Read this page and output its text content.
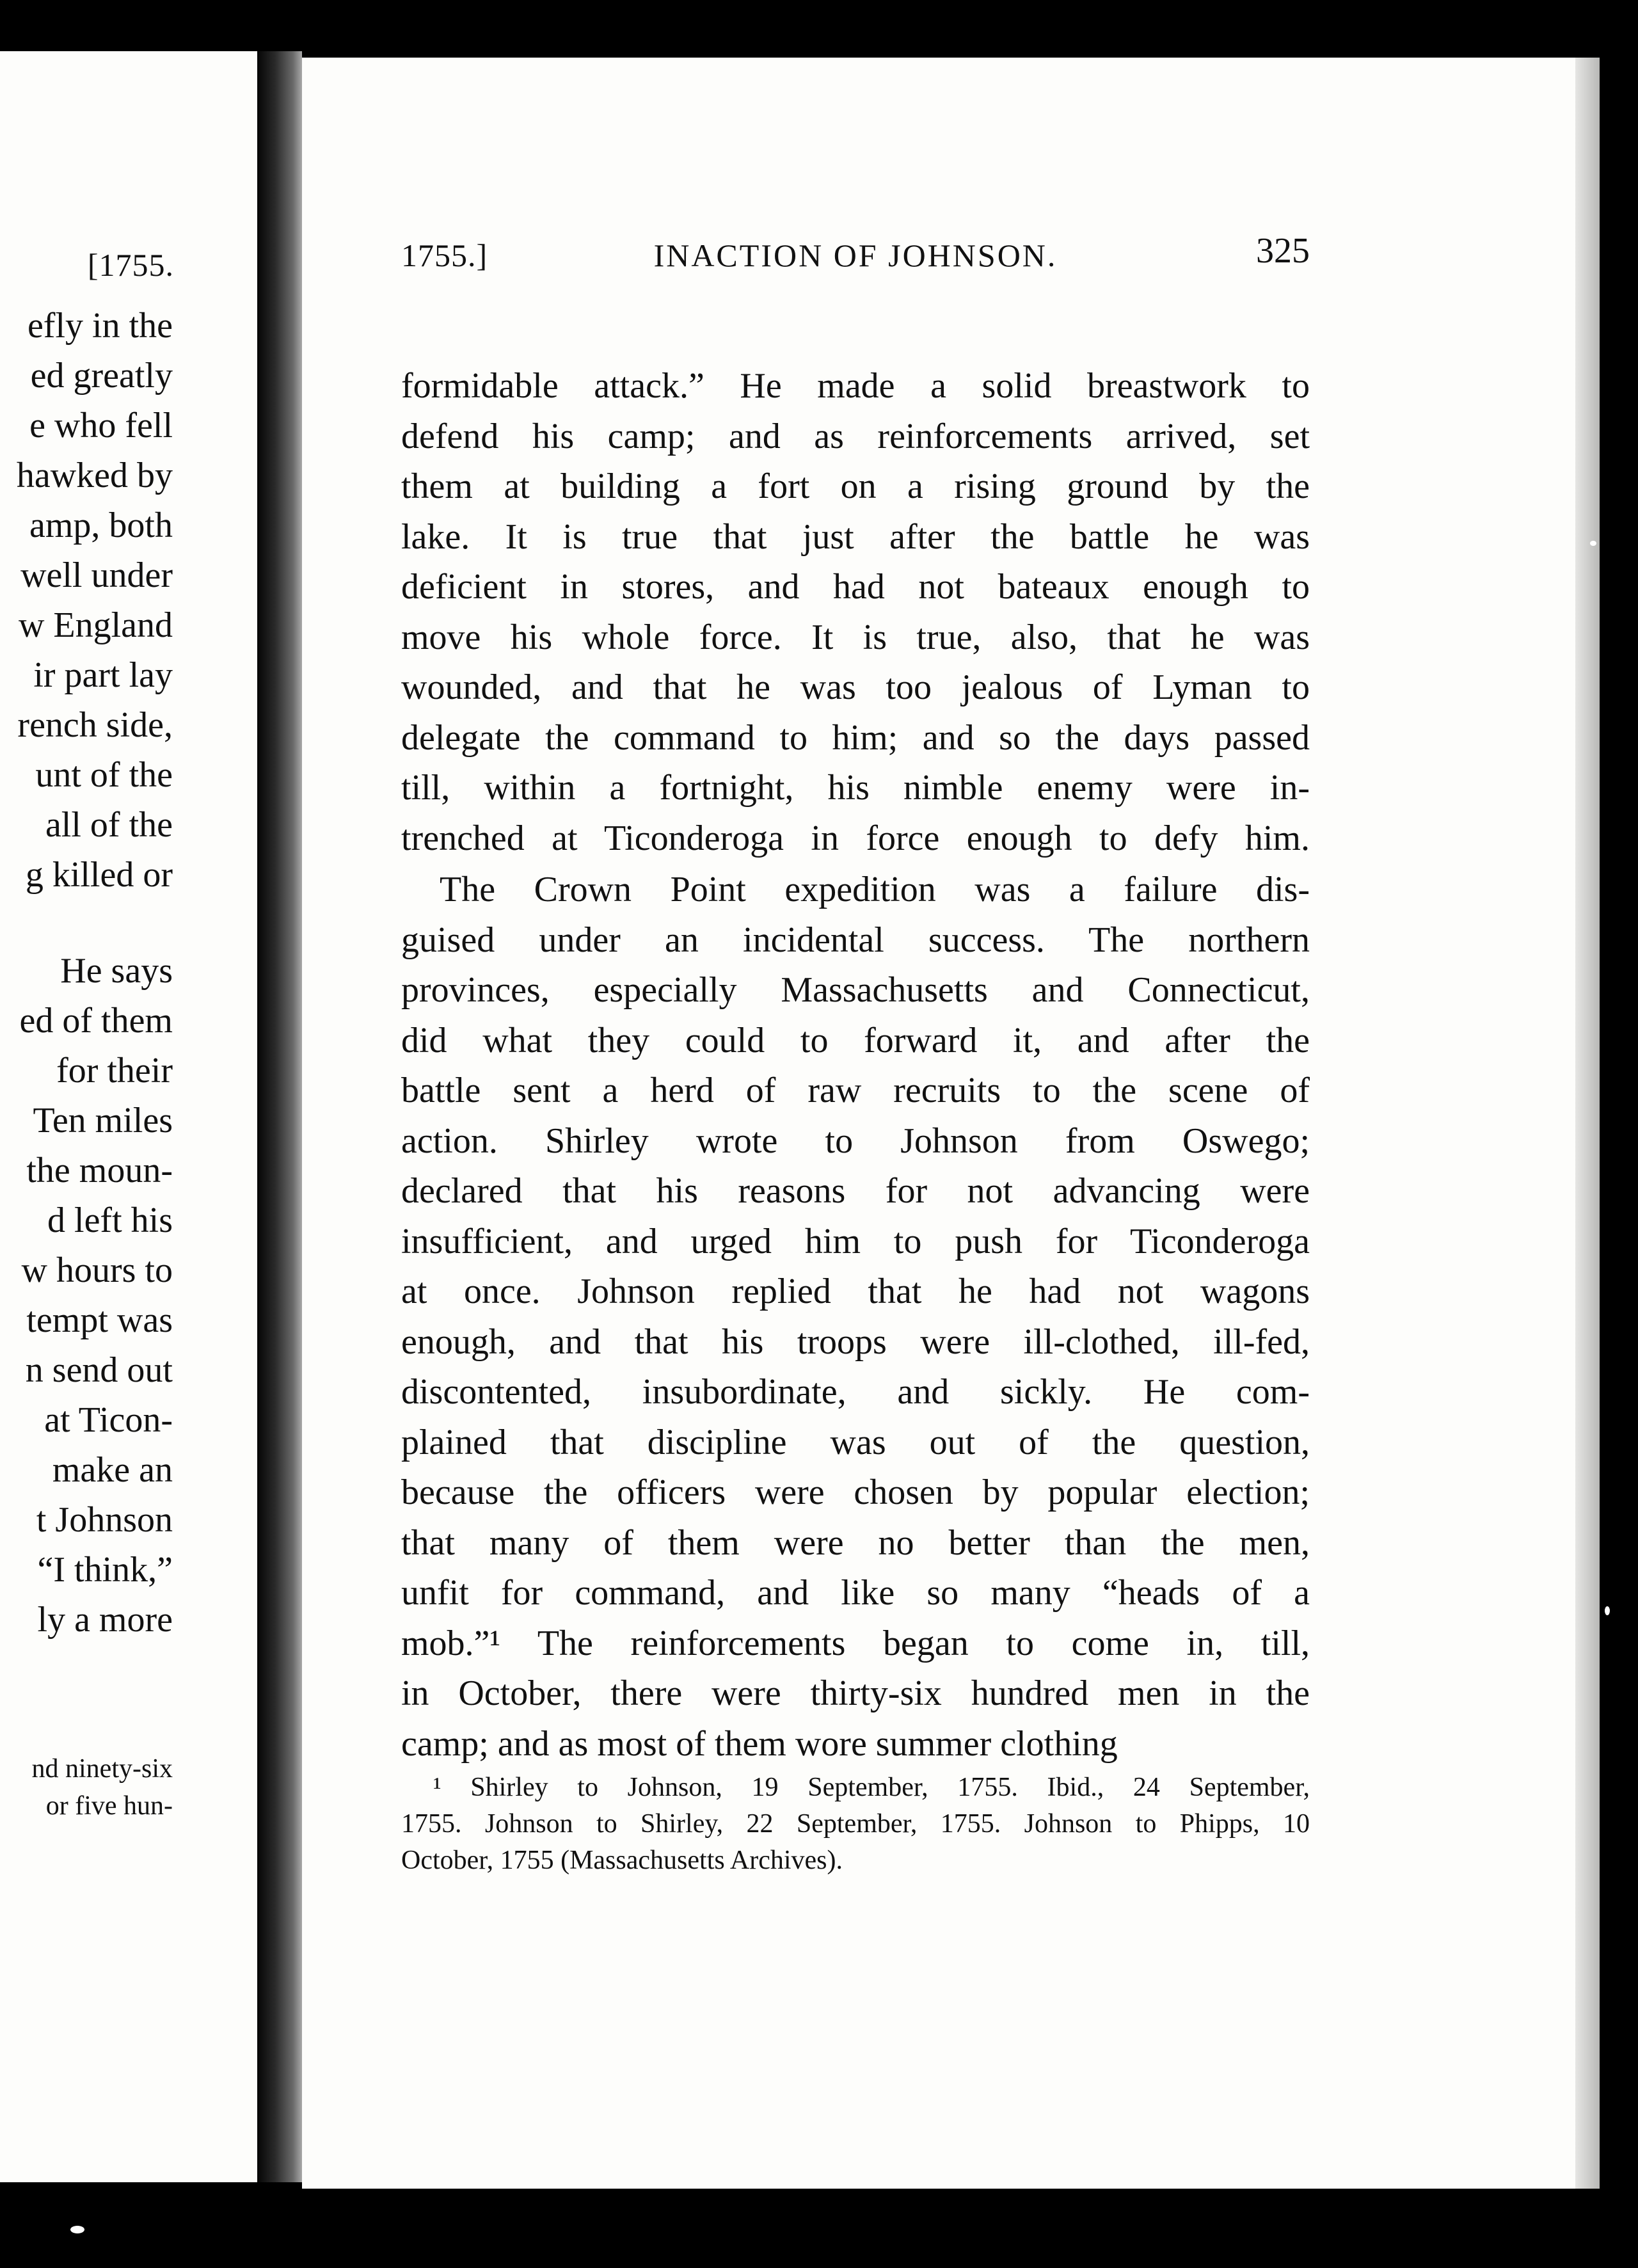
[1755.
efly in the
ed greatly
e who fell
hawked by
amp, both
well under
w England
ir part lay
rench side,
unt of the
all of the
g killed or
He says
ed of them
for their
Ten miles
the moun-
d left his
w hours to
tempt was
n send out
at Ticon-
make an
t Johnson
“I think,”
ly a more
nd ninety-six
or five hun-
1755.]	INACTION OF JOHNSON.	325
formidable attack.” He made a solid breastwork to
defend his camp; and as reinforcements arrived, set
them at building a fort on a rising ground by the
lake. It is true that just after the battle he was
deficient in stores, and had not bateaux enough to
move his whole force. It is true, also, that he was
wounded, and that he was too jealous of Lyman to
delegate the command to him; and so the days passed
till, within a fortnight, his nimble enemy were in-
trenched at Ticonderoga in force enough to defy him.
The Crown Point expedition was a failure dis-
guised under an incidental success. The northern
provinces, especially Massachusetts and Connecticut,
did what they could to forward it, and after the
battle sent a herd of raw recruits to the scene of
action. Shirley wrote to Johnson from Oswego;
declared that his reasons for not advancing were
insufficient, and urged him to push for Ticonderoga
at once. Johnson replied that he had not wagons
enough, and that his troops were ill-clothed, ill-fed,
discontented, insubordinate, and sickly. He com-
plained that discipline was out of the question,
because the officers were chosen by popular election;
that many of them were no better than the men,
unfit for command, and like so many “heads of a
mob.”¹ The reinforcements began to come in, till,
in October, there were thirty-six hundred men in the
camp; and as most of them wore summer clothing
¹ Shirley to Johnson, 19 September, 1755. Ibid., 24 September,
1755. Johnson to Shirley, 22 September, 1755. Johnson to Phipps, 10
October, 1755 (Massachusetts Archives).
